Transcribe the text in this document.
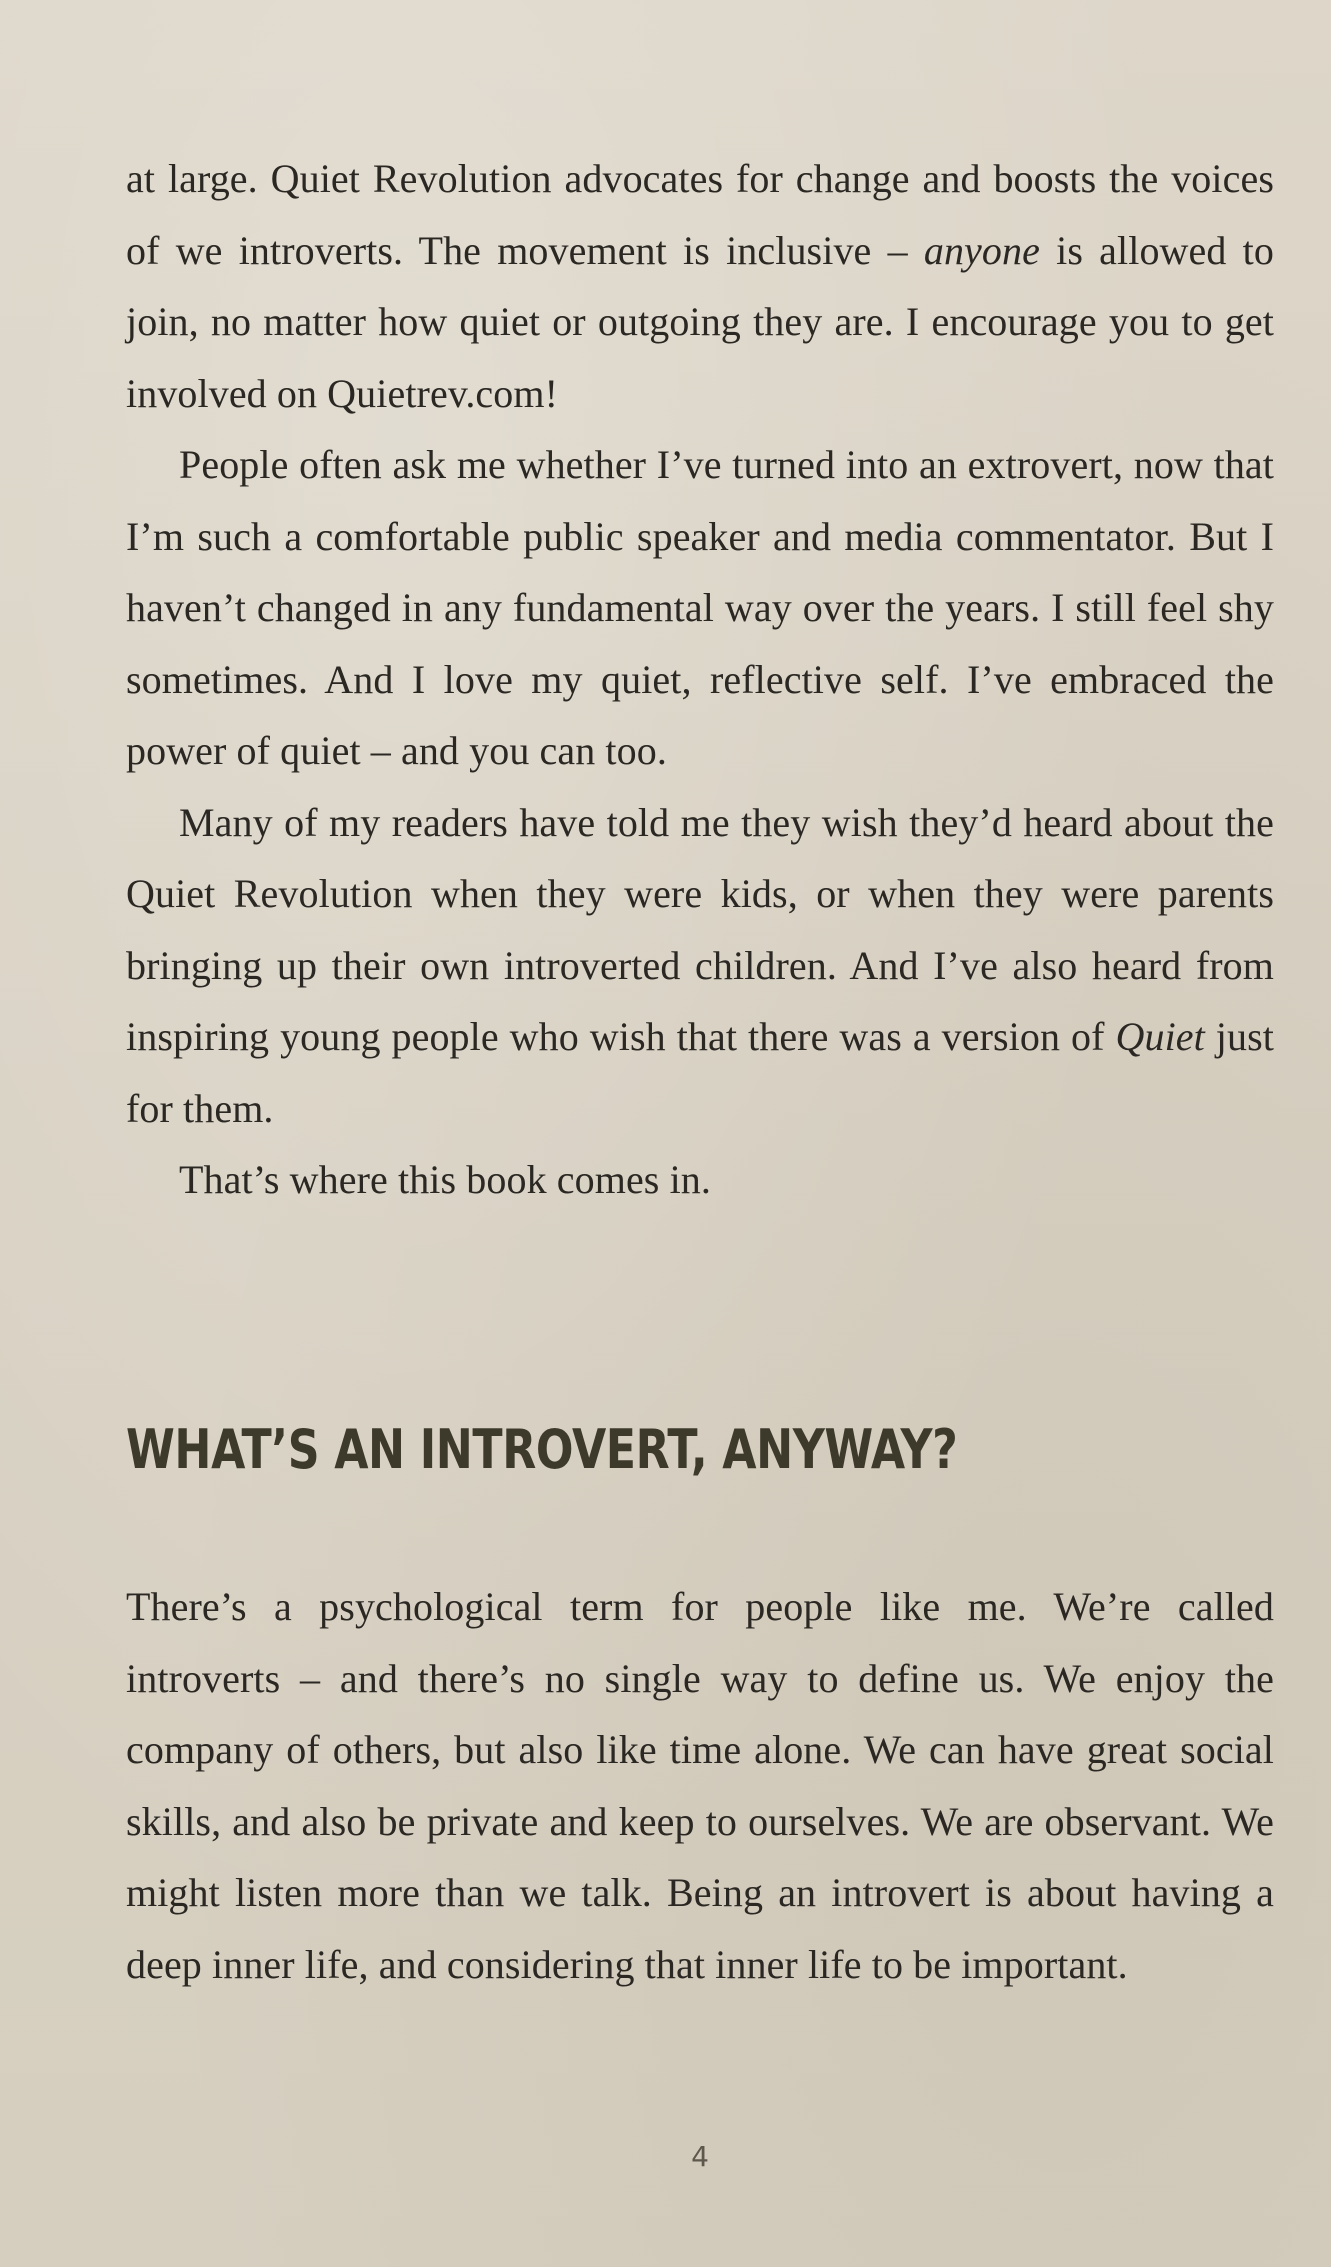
at large. Quiet Revolution advocates for change and boosts the voices of we introverts. The movement is inclusive – anyone is allowed to join, no matter how quiet or outgoing they are. I encourage you to get involved on Quietrev.com!

People often ask me whether I’ve turned into an extrovert, now that I’m such a comfortable public speaker and media commentator. But I haven’t changed in any fundamental way over the years. I still feel shy sometimes. And I love my quiet, reflective self. I’ve embraced the power of quiet – and you can too.

Many of my readers have told me they wish they’d heard about the Quiet Revolution when they were kids, or when they were parents bringing up their own introverted children. And I’ve also heard from inspiring young people who wish that there was a version of Quiet just for them.

That’s where this book comes in.

WHAT’S AN INTROVERT, ANYWAY?

There’s a psychological term for people like me. We’re called introverts – and there’s no single way to define us. We enjoy the company of others, but also like time alone. We can have great social skills, and also be private and keep to ourselves. We are observant. We might listen more than we talk. Being an introvert is about having a deep inner life, and considering that inner life to be important.

4
